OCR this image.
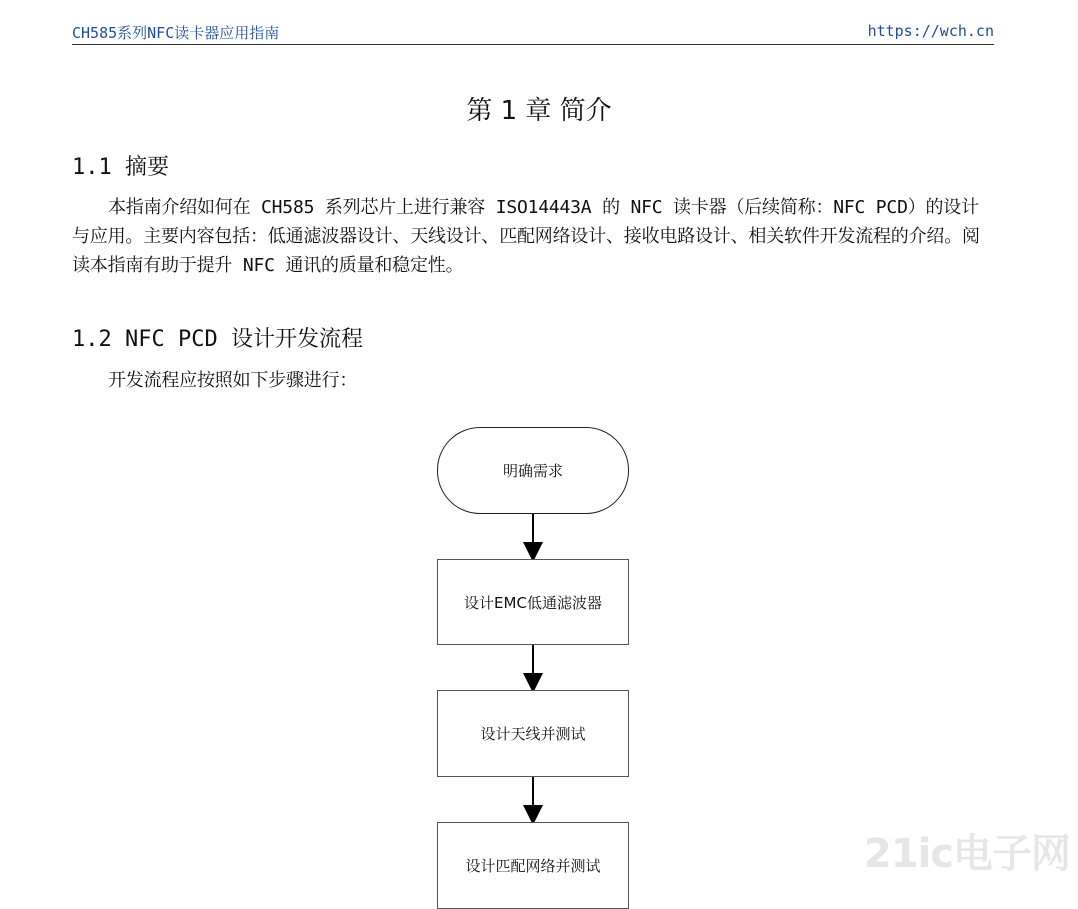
CH585系列NFC读卡器应用指南	https://wch.cn
第 1 章 简介
1.1 摘要
本指南介绍如何在 CH585 系列芯片上进行兼容 ISO14443A 的 NFC 读卡器（后续简称：NFC PCD）的设计与应用。主要内容包括：低通滤波器设计、天线设计、匹配网络设计、接收电路设计、相关软件开发流程的介绍。阅读本指南有助于提升 NFC 通讯的质量和稳定性。
1.2 NFC PCD 设计开发流程
开发流程应按照如下步骤进行：
明确需求
设计EMC低通滤波器
设计天线并测试
设计匹配网络并测试	21ic电子网
